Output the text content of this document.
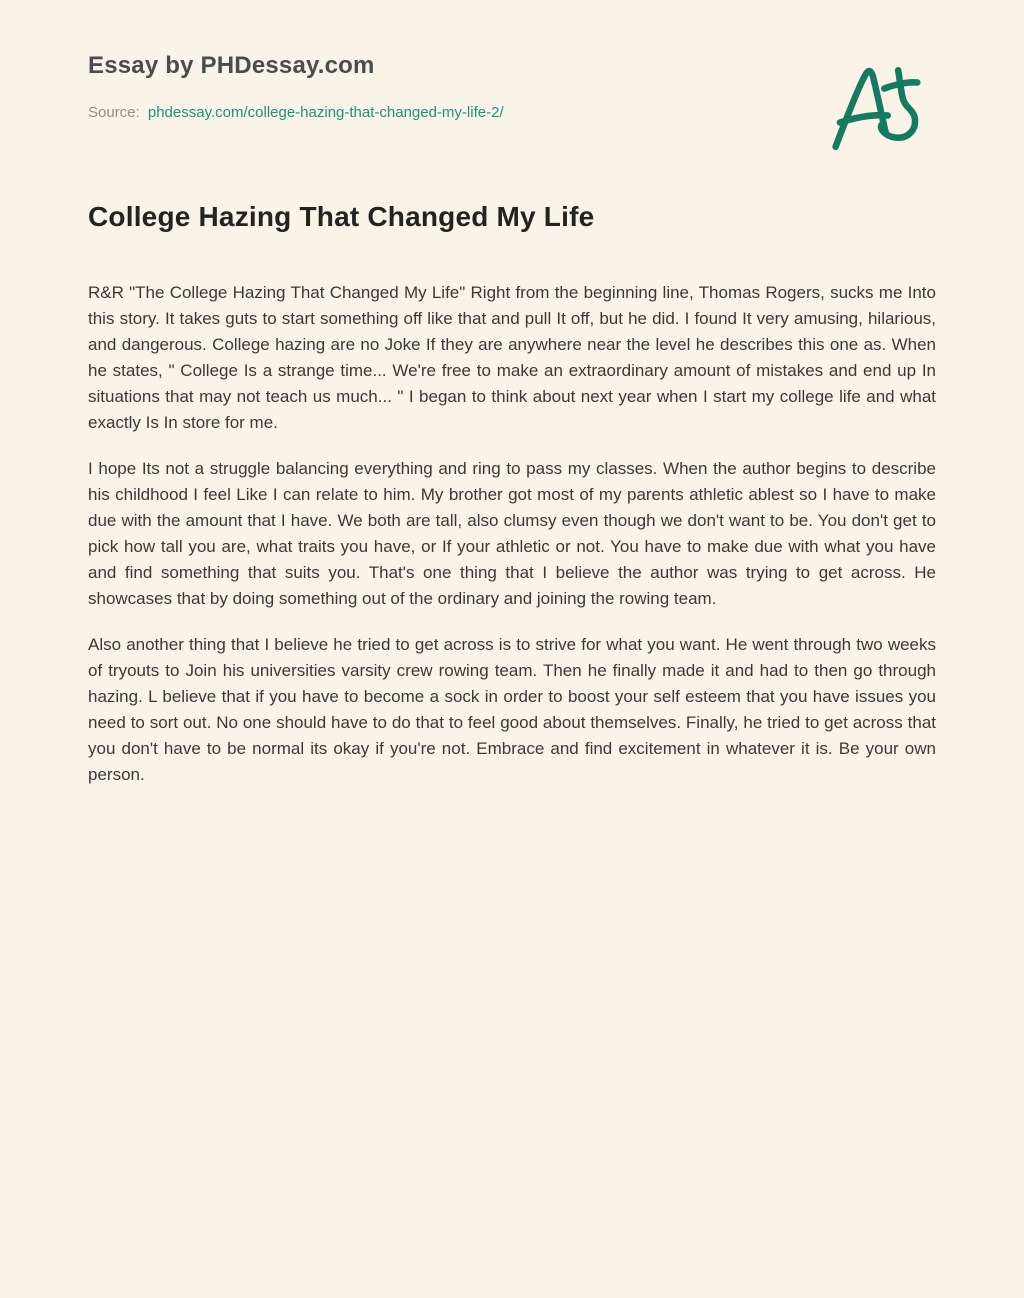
Essay by PHDessay.com
Source: phdessay.com/college-hazing-that-changed-my-life-2/
College Hazing That Changed My Life

R&R "The College Hazing That Changed My Life" Right from the beginning line, Thomas Rogers, sucks me Into this story. It takes guts to start something off like that and pull It off, but he did. I found It very amusing, hilarious, and dangerous. College hazing are no Joke If they are anywhere near the level he describes this one as. When he states, " College Is a strange time... We're free to make an extraordinary amount of mistakes and end up In situations that may not teach us much... " I began to think about next year when I start my college life and what exactly Is In store for me.

I hope Its not a struggle balancing everything and ring to pass my classes. When the author begins to describe his childhood I feel Like I can relate to him. My brother got most of my parents athletic ablest so I have to make due with the amount that I have. We both are tall, also clumsy even though we don't want to be. You don't get to pick how tall you are, what traits you have, or If your athletic or not. You have to make due with what you have and find something that suits you. That's one thing that I believe the author was trying to get across. He showcases that by doing something out of the ordinary and joining the rowing team.

Also another thing that I believe he tried to get across is to strive for what you want. He went through two weeks of tryouts to Join his universities varsity crew rowing team. Then he finally made it and had to then go through hazing. L believe that if you have to become a sock in order to boost your self esteem that you have issues you need to sort out. No one should have to do that to feel good about themselves. Finally, he tried to get across that you don't have to be normal its okay if you're not. Embrace and find excitement in whatever it is. Be your own person.
